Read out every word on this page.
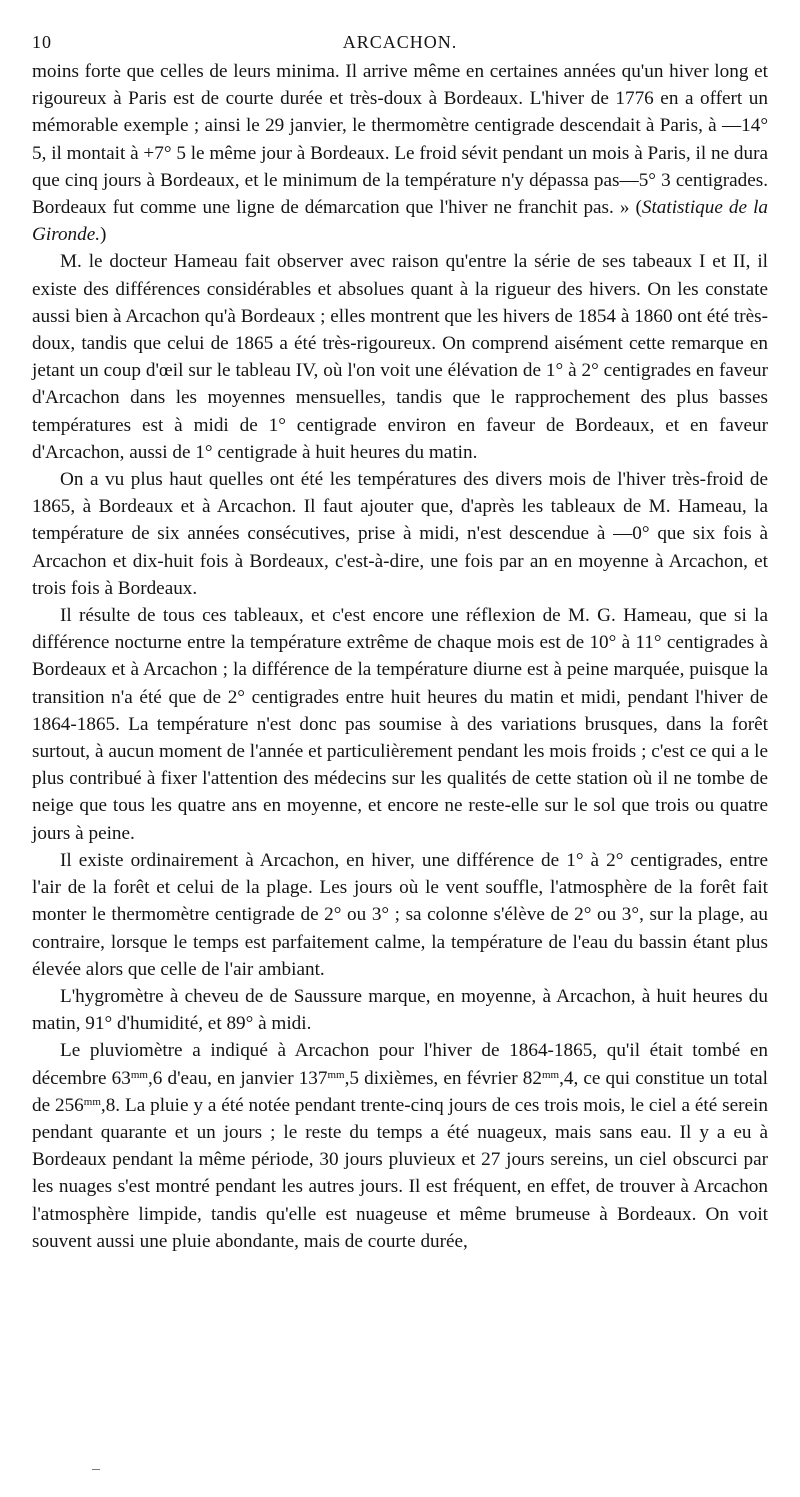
10	ARCACHON.

moins forte que celles de leurs minima. Il arrive même en certaines années qu'un hiver long et rigoureux à Paris est de courte durée et très-doux à Bordeaux. L'hiver de 1776 en a offert un mémorable exemple ; ainsi le 29 janvier, le thermomètre centigrade descendait à Paris, à —14° 5, il montait à +7° 5 le même jour à Bordeaux. Le froid sévit pendant un mois à Paris, il ne dura que cinq jours à Bordeaux, et le minimum de la température n'y dépassa pas—5° 3 centigrades. Bordeaux fut comme une ligne de démarcation que l'hiver ne franchit pas. » (Statistique de la Gironde.)

M. le docteur Hameau fait observer avec raison qu'entre la série de ses tabeaux I et II, il existe des différences considérables et absolues quant à la rigueur des hivers. On les constate aussi bien à Arcachon qu'à Bordeaux ; elles montrent que les hivers de 1854 à 1860 ont été très-doux, tandis que celui de 1865 a été très-rigoureux. On comprend aisément cette remarque en jetant un coup d'œil sur le tableau IV, où l'on voit une élévation de 1° à 2° centigrades en faveur d'Arcachon dans les moyennes mensuelles, tandis que le rapprochement des plus basses températures est à midi de 1° centigrade environ en faveur de Bordeaux, et en faveur d'Arcachon, aussi de 1° centigrade à huit heures du matin.

On a vu plus haut quelles ont été les températures des divers mois de l'hiver très-froid de 1865, à Bordeaux et à Arcachon. Il faut ajouter que, d'après les tableaux de M. Hameau, la température de six années consécutives, prise à midi, n'est descendue à —0° que six fois à Arcachon et dix-huit fois à Bordeaux, c'est-à-dire, une fois par an en moyenne à Arcachon, et trois fois à Bordeaux.

Il résulte de tous ces tableaux, et c'est encore une réflexion de M. G. Hameau, que si la différence nocturne entre la température extrême de chaque mois est de 10° à 11° centigrades à Bordeaux et à Arcachon ; la différence de la température diurne est à peine marquée, puisque la transition n'a été que de 2° centigrades entre huit heures du matin et midi, pendant l'hiver de 1864-1865. La température n'est donc pas soumise à des variations brusques, dans la forêt surtout, à aucun moment de l'année et particulièrement pendant les mois froids ; c'est ce qui a le plus contribué à fixer l'attention des médecins sur les qualités de cette station où il ne tombe de neige que tous les quatre ans en moyenne, et encore ne reste-elle sur le sol que trois ou quatre jours à peine.

Il existe ordinairement à Arcachon, en hiver, une différence de 1° à 2° centigrades, entre l'air de la forêt et celui de la plage. Les jours où le vent souffle, l'atmosphère de la forêt fait monter le thermomètre centigrade de 2° ou 3° ; sa colonne s'élève de 2° ou 3°, sur la plage, au contraire, lorsque le temps est parfaitement calme, la température de l'eau du bassin étant plus élevée alors que celle de l'air ambiant.

L'hygromètre à cheveu de de Saussure marque, en moyenne, à Arcachon, à huit heures du matin, 91° d'humidité, et 89° à midi.

Le pluviomètre a indiqué à Arcachon pour l'hiver de 1864-1865, qu'il était tombé en décembre $63^{mm},6$ d'eau, en janvier $137^{mm},5$ dixièmes, en février $82^{mm},4$, ce qui constitue un total de $256^{mm},8$. La pluie y a été notée pendant trente-cinq jours de ces trois mois, le ciel a été serein pendant quarante et un jours ; le reste du temps a été nuageux, mais sans eau. Il y a eu à Bordeaux pendant la même période, 30 jours pluvieux et 27 jours sereins, un ciel obscurci par les nuages s'est montré pendant les autres jours. Il est fréquent, en effet, de trouver à Arcachon l'atmosphère limpide, tandis qu'elle est nuageuse et même brumeuse à Bordeaux. On voit souvent aussi une pluie abondante, mais de courte durée,
